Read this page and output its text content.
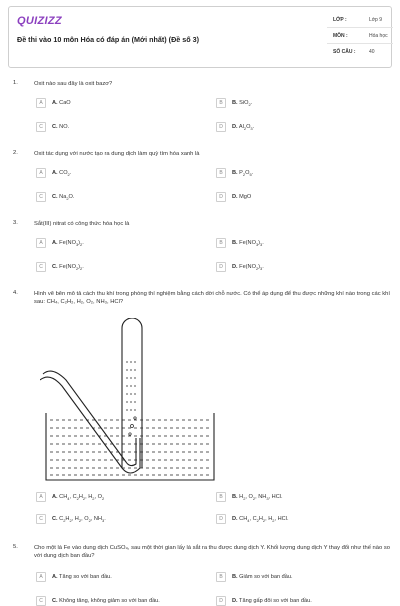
QUIZIZZ
Đề thi vào 10 môn Hóa có đáp án (Mới nhất) (Đề số 3)
LỚP :	Lớp 9
MÔN :	Hóa học
SỐ CÂU :	40
1.	Oxit nào sau đây là oxit bazơ?
A	A. CaO	B	B. SiO$_2$.
C	C. NO.	D	D. $Al_2O_3$.
2.	Oxit tác dụng với nước tạo ra dung dịch làm quỳ tím hóa xanh là
A	A. $CO_2$.	B	B. $P_2O_5$.
C	C. $Na_2O$.	D	D. MgO
3.	Sắt(III) nitrat có công thức hóa học là
A	A. $Fe(NO_3)_2$.	B	B. $Fe(NO_3)_3$.
C	C. $Fe(NO_2)_2$.	D	D. $Fe(NO_2)_3$.
4.	Hình vẽ bên mô tả cách thu khí trong phòng thí nghiệm bằng cách dời chỗ nước. Có thể áp dụng để thu được những khí nào trong các khí sau: CH₄, C₂H₂, H₂, O₂, NH₃, HCl?
A	A. $CH_4$, $C_2H_2$, $H_2$, $O_2$	B	B. $H_2$, $O_2$, $NH_3$, HCl.
C	C. $C_2H_2$, $H_2$, $O_2$, $NH_3$.	D	D. $CH_4$, $C_2H_2$, $H_2$, HCl.
5.	Cho một lá Fe vào dung dịch CuSO₄, sau một thời gian lấy lá sắt ra thu được dung dịch Y. Khối lượng dung dịch Y thay đổi như thế nào so với dung dịch ban đầu?
A	A. Tăng so với ban đầu.	B	B. Giảm so với ban đầu.
C	C. Không tăng, không giảm so với ban đầu.	D	D. Tăng gấp đôi so với ban đầu.
